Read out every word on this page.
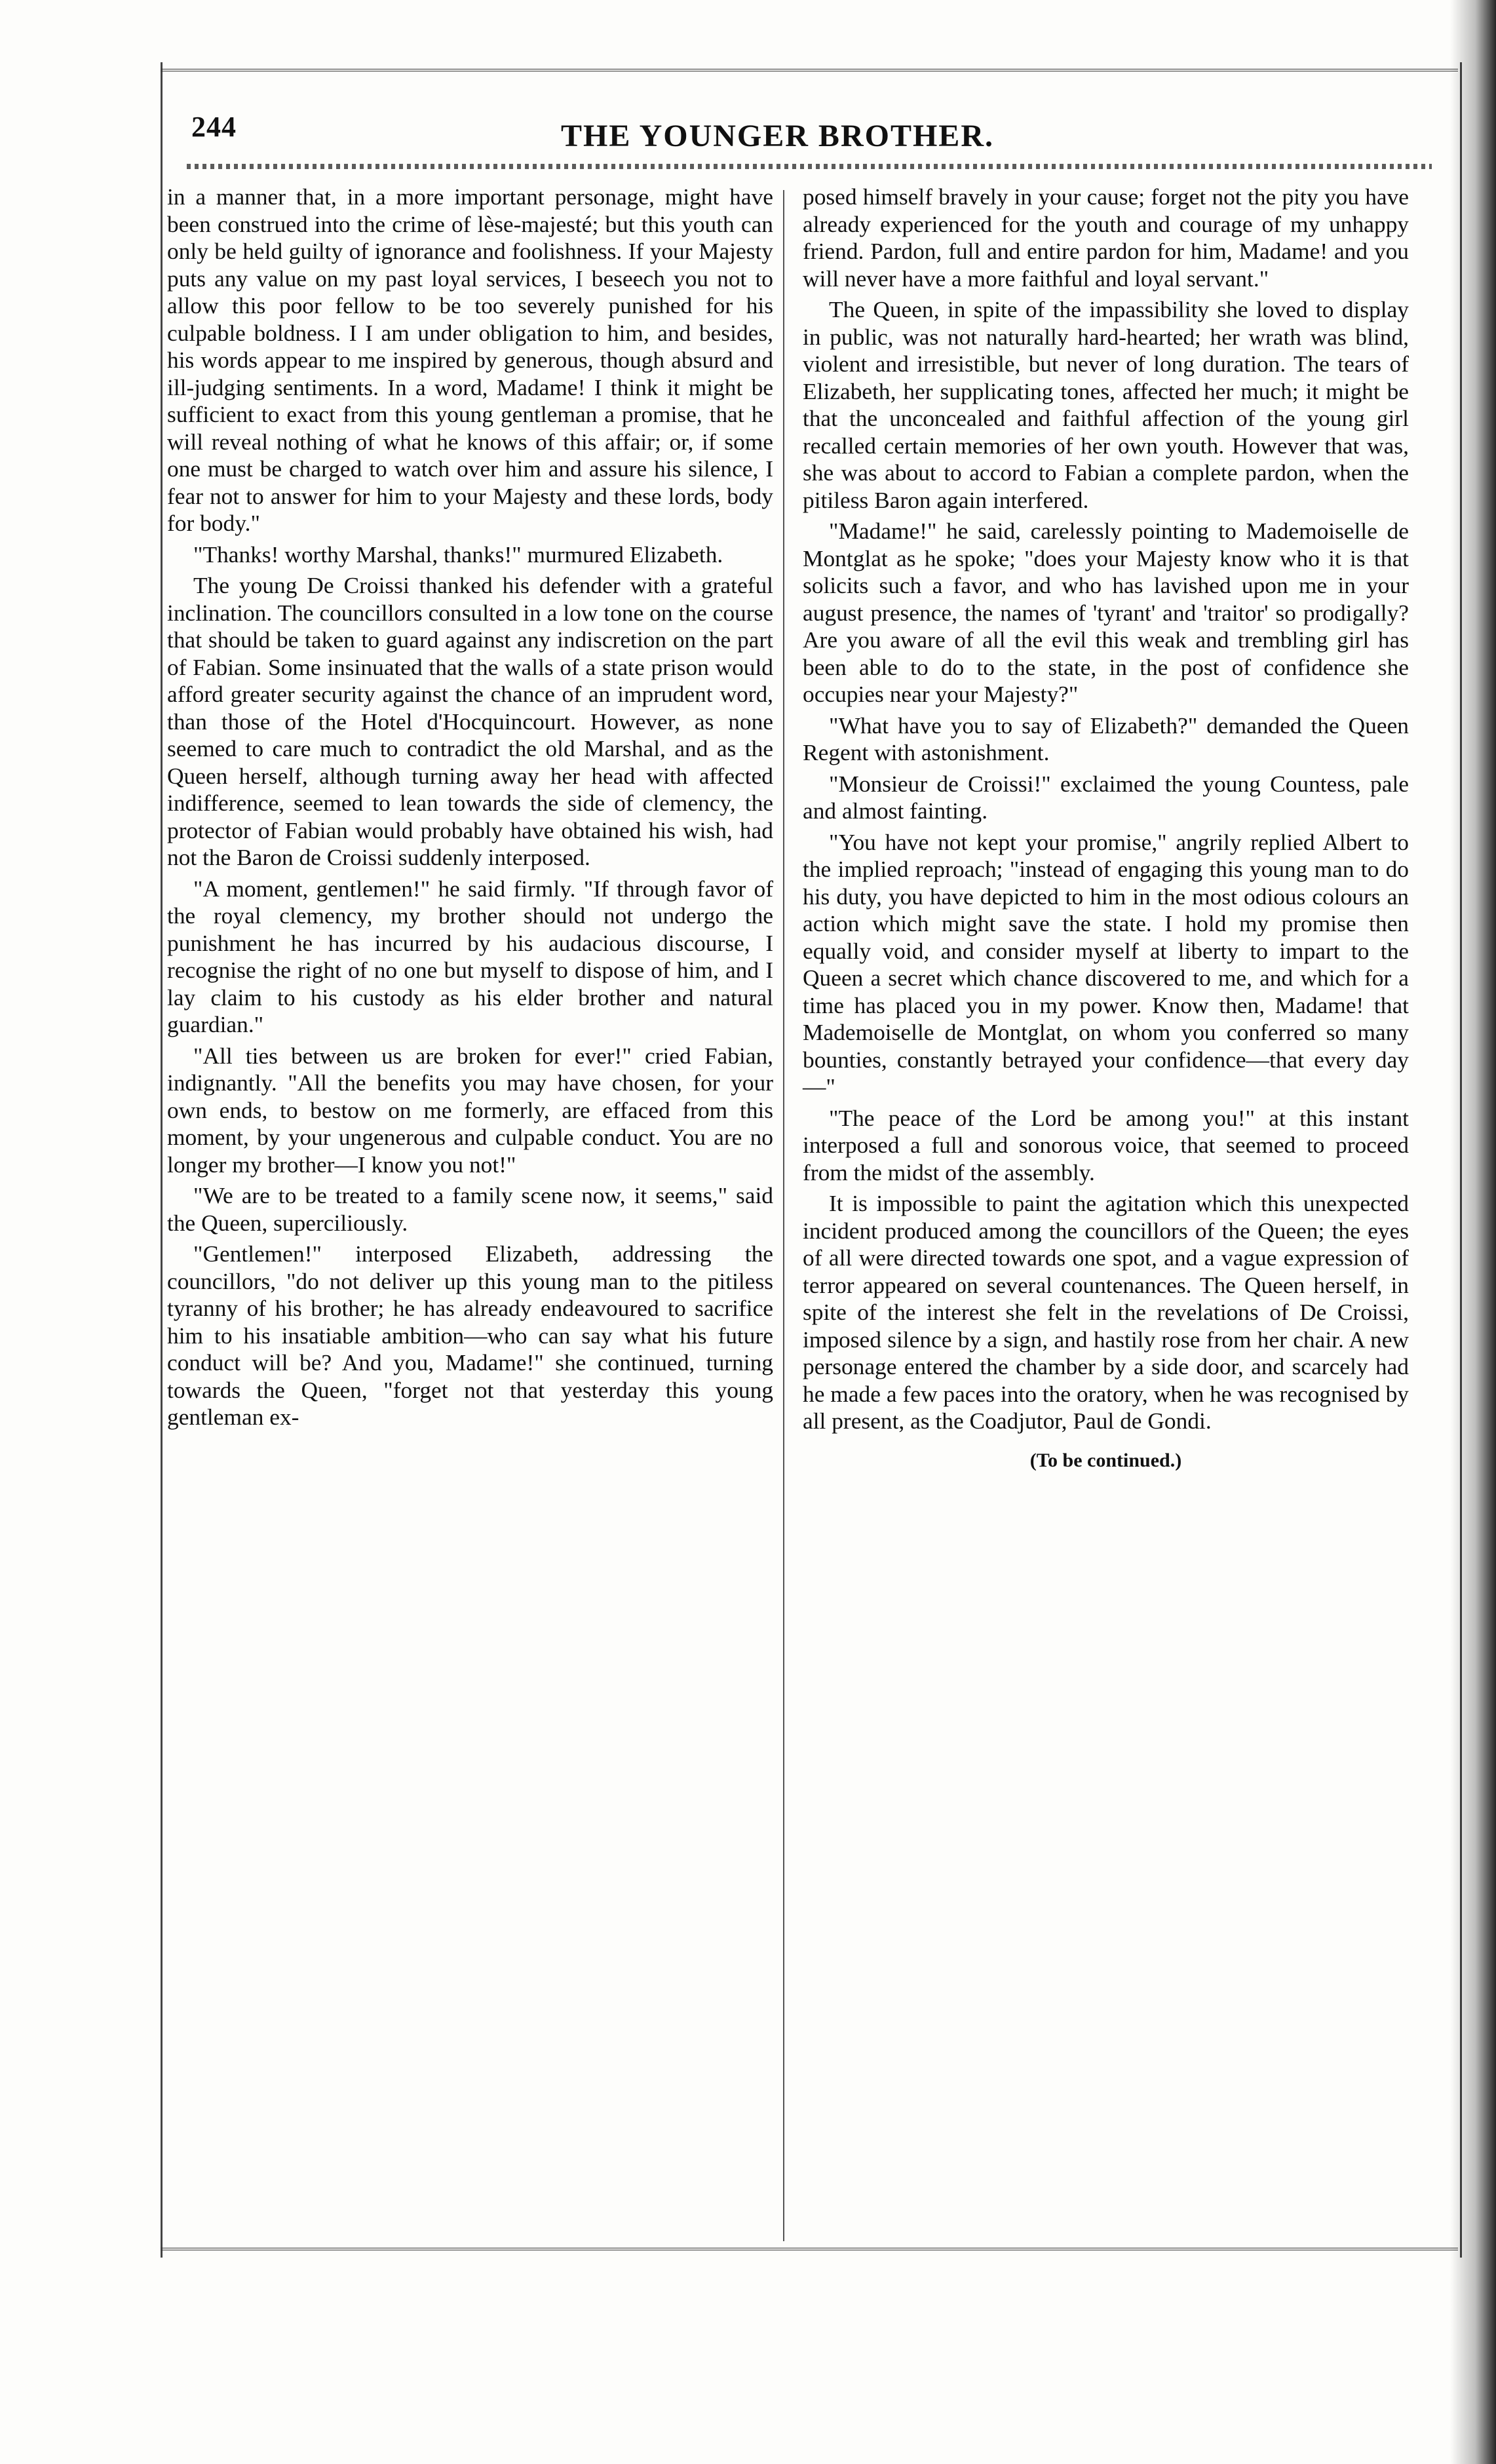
244	THE YOUNGER BROTHER.

in a manner that, in a more important personage, might have been construed into the crime of lèse-majesté; but this youth can only be held guilty of ignorance and foolishness. If your Majesty puts any value on my past loyal services, I beseech you not to allow this poor fellow to be too severely punished for his culpable boldness. I I am under obligation to him, and besides, his words appear to me inspired by generous, though absurd and ill-judging sentiments. In a word, Madame! I think it might be sufficient to exact from this young gentleman a promise, that he will reveal nothing of what he knows of this affair; or, if some one must be charged to watch over him and assure his silence, I fear not to answer for him to your Majesty and these lords, body for body."

"Thanks! worthy Marshal, thanks!" murmured Elizabeth.

The young De Croissi thanked his defender with a grateful inclination. The councillors consulted in a low tone on the course that should be taken to guard against any indiscretion on the part of Fabian. Some insinuated that the walls of a state prison would afford greater security against the chance of an imprudent word, than those of the Hotel d'Hocquincourt. However, as none seemed to care much to contradict the old Marshal, and as the Queen herself, although turning away her head with affected indifference, seemed to lean towards the side of clemency, the protector of Fabian would probably have obtained his wish, had not the Baron de Croissi suddenly interposed.

"A moment, gentlemen!" he said firmly. "If through favor of the royal clemency, my brother should not undergo the punishment he has incurred by his audacious discourse, I recognise the right of no one but myself to dispose of him, and I lay claim to his custody as his elder brother and natural guardian."

"All ties between us are broken for ever!" cried Fabian, indignantly. "All the benefits you may have chosen, for your own ends, to bestow on me formerly, are effaced from this moment, by your ungenerous and culpable conduct. You are no longer my brother—I know you not!"

"We are to be treated to a family scene now, it seems," said the Queen, superciliously.

"Gentlemen!" interposed Elizabeth, addressing the councillors, "do not deliver up this young man to the pitiless tyranny of his brother; he has already endeavoured to sacrifice him to his insatiable ambition—who can say what his future conduct will be? And you, Madame!" she continued, turning towards the Queen, "forget not that yesterday this young gentleman ex-

posed himself bravely in your cause; forget not the pity you have already experienced for the youth and courage of my unhappy friend. Pardon, full and entire pardon for him, Madame! and you will never have a more faithful and loyal servant."

The Queen, in spite of the impassibility she loved to display in public, was not naturally hard-hearted; her wrath was blind, violent and irresistible, but never of long duration. The tears of Elizabeth, her supplicating tones, affected her much; it might be that the unconcealed and faithful affection of the young girl recalled certain memories of her own youth. However that was, she was about to accord to Fabian a complete pardon, when the pitiless Baron again interfered.

"Madame!" he said, carelessly pointing to Mademoiselle de Montglat as he spoke; "does your Majesty know who it is that solicits such a favor, and who has lavished upon me in your august presence, the names of 'tyrant' and 'traitor' so prodigally? Are you aware of all the evil this weak and trembling girl has been able to do to the state, in the post of confidence she occupies near your Majesty?"

"What have you to say of Elizabeth?" demanded the Queen Regent with astonishment.

"Monsieur de Croissi!" exclaimed the young Countess, pale and almost fainting.

"You have not kept your promise," angrily replied Albert to the implied reproach; "instead of engaging this young man to do his duty, you have depicted to him in the most odious colours an action which might save the state. I hold my promise then equally void, and consider myself at liberty to impart to the Queen a secret which chance discovered to me, and which for a time has placed you in my power. Know then, Madame! that Mademoiselle de Montglat, on whom you conferred so many bounties, constantly betrayed your confidence—that every day—"

"The peace of the Lord be among you!" at this instant interposed a full and sonorous voice, that seemed to proceed from the midst of the assembly.

It is impossible to paint the agitation which this unexpected incident produced among the councillors of the Queen; the eyes of all were directed towards one spot, and a vague expression of terror appeared on several countenances. The Queen herself, in spite of the interest she felt in the revelations of De Croissi, imposed silence by a sign, and hastily rose from her chair. A new personage entered the chamber by a side door, and scarcely had he made a few paces into the oratory, when he was recognised by all present, as the Coadjutor, Paul de Gondi.

(To be continued.)
